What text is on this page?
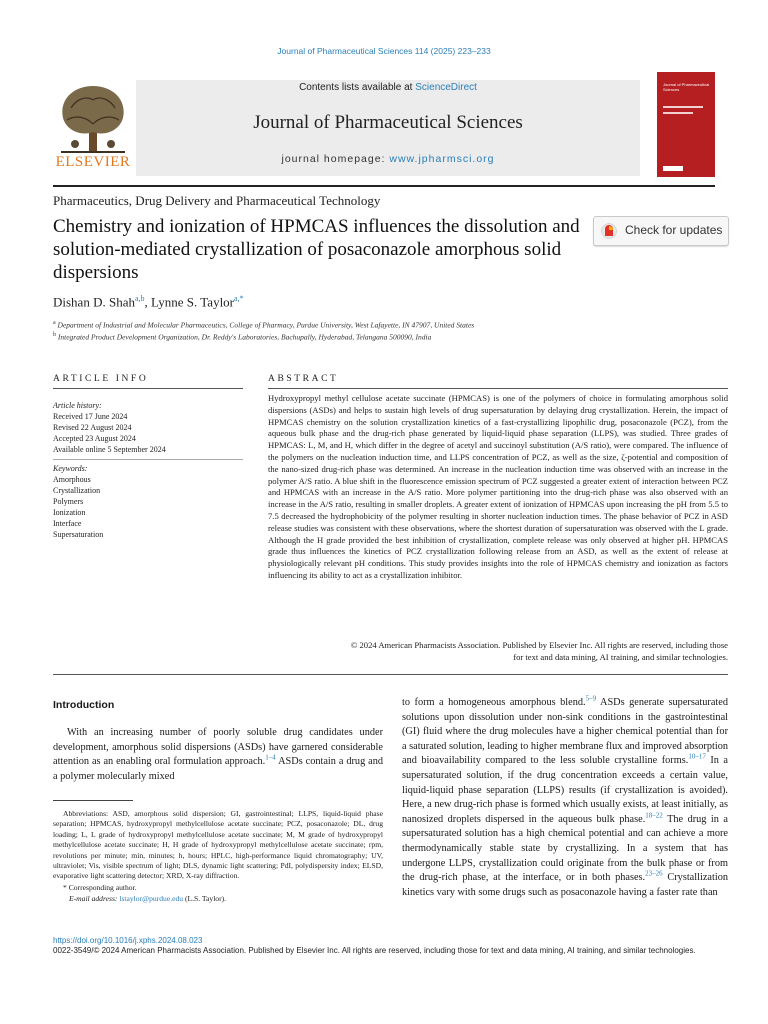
Journal of Pharmaceutical Sciences 114 (2025) 223–233
Contents lists available at ScienceDirect
Journal of Pharmaceutical Sciences
journal homepage: www.jpharmsci.org
ELSEVIER
Journal of Pharmaceutical Sciences
Pharmaceutics, Drug Delivery and Pharmaceutical Technology
Chemistry and ionization of HPMCAS influences the dissolution and solution-mediated crystallization of posaconazole amorphous solid dispersions
Check for updates
Dishan D. Shah$^{a,b}$, Lynne S. Taylor$^{a,*}$
$^a$ Department of Industrial and Molecular Pharmaceutics, College of Pharmacy, Purdue University, West Lafayette, IN 47907, United States
$^b$ Integrated Product Development Organization, Dr. Reddy's Laboratories, Bachupally, Hyderabad, Telangana 500090, India
ARTICLE INFO	ABSTRACT
Article history:
Received 17 June 2024
Revised 22 August 2024
Accepted 23 August 2024
Available online 5 September 2024
Keywords:
Amorphous
Crystallization
Polymers
Ionization
Interface
Supersaturation
Hydroxypropyl methyl cellulose acetate succinate (HPMCAS) is one of the polymers of choice in formulating amorphous solid dispersions (ASDs) and helps to sustain high levels of drug supersaturation by delaying drug crystallization. Herein, the impact of HPMCAS chemistry on the solution crystallization kinetics of a fast-crystallizing lipophilic drug, posaconazole (PCZ), from the aqueous bulk phase and the drug-rich phase generated by liquid-liquid phase separation (LLPS), was studied. Three grades of HPMCAS: L, M, and H, which differ in the degree of acetyl and succinoyl substitution (A/S ratio), were compared. The influence of the polymers on the nucleation induction time, and LLPS concentration of PCZ, as well as the size, ζ-potential and composition of the nano-sized drug-rich phase was determined. An increase in the nucleation induction time was observed with an increase in the polymer A/S ratio. A blue shift in the fluorescence emission spectrum of PCZ suggested a greater extent of interaction between PCZ and HPMCAS with an increase in the A/S ratio. More polymer partitioning into the drug-rich phase was also observed with an increase in the A/S ratio, resulting in smaller droplets. A greater extent of ionization of HPMCAS upon increasing the pH from 5.5 to 7.5 decreased the hydrophobicity of the polymer resulting in shorter nucleation induction times. The phase behavior of PCZ in ASD release studies was consistent with these observations, where the shortest duration of supersaturation was observed with the L grade. Although the H grade provided the best inhibition of crystallization, complete release was only observed at higher pH. HPMCAS grade thus influences the kinetics of PCZ crystallization following release from an ASD, as well as the extent of release at physiologically relevant pH conditions. This study provides insights into the role of HPMCAS chemistry and ionization as factors influencing its ability to act as a crystallization inhibitor.
© 2024 American Pharmacists Association. Published by Elsevier Inc. All rights are reserved, including those
for text and data mining, AI training, and similar technologies.
Introduction
With an increasing number of poorly soluble drug candidates under development, amorphous solid dispersions (ASDs) have garnered considerable attention as an enabling oral formulation approach.$^{1-4}$ ASDs contain a drug and a polymer molecularly mixed
to form a homogeneous amorphous blend.$^{5-9}$ ASDs generate supersaturated solutions upon dissolution under non-sink conditions in the gastrointestinal (GI) fluid where the drug molecules have a higher chemical potential than for a saturated solution, leading to higher membrane flux and improved absorption and bioavailability compared to the less soluble crystalline forms.$^{10-17}$ In a supersaturated solution, if the drug concentration exceeds a certain value, liquid-liquid phase separation (LLPS) results (if crystallization is avoided). Here, a new drug-rich phase is formed which usually exists, at least initially, as nanosized droplets dispersed in the aqueous bulk phase.$^{18-22}$ The drug in a supersaturated solution has a high chemical potential and can achieve a more thermodynamically stable state by crystallizing. In a system that has undergone LLPS, crystallization could originate from the bulk phase or from the drug-rich phase, at the interface, or in both phases.$^{23-26}$ Crystallization kinetics vary with some drugs such as posaconazole having a faster rate than
Abbreviations: ASD, amorphous solid dispersion; GI, gastrointestinal; LLPS, liquid-liquid phase separation; HPMCAS, hydroxypropyl methylcellulose acetate succinate; PCZ, posaconazole; DL, drug loading; L, L grade of hydroxypropyl methylcellulose acetate succinate; M, M grade of hydroxypropyl methylcellulose acetate succinate; H, H grade of hydroxypropyl methylcellulose acetate succinate; rpm, revolutions per minute; min, minutes; h, hours; HPLC, high-performance liquid chromatography; UV, ultraviolet; Vis, visible spectrum of light; DLS, dynamic light scattering; PdI, polydispersity index; ELSD, evaporative light scattering detector; XRD, X-ray diffraction.
* Corresponding author.
E-mail address: lstaylor@purdue.edu (L.S. Taylor).
https://doi.org/10.1016/j.xphs.2024.08.023
0022-3549/© 2024 American Pharmacists Association. Published by Elsevier Inc. All rights are reserved, including those for text and data mining, AI training, and similar technologies.
